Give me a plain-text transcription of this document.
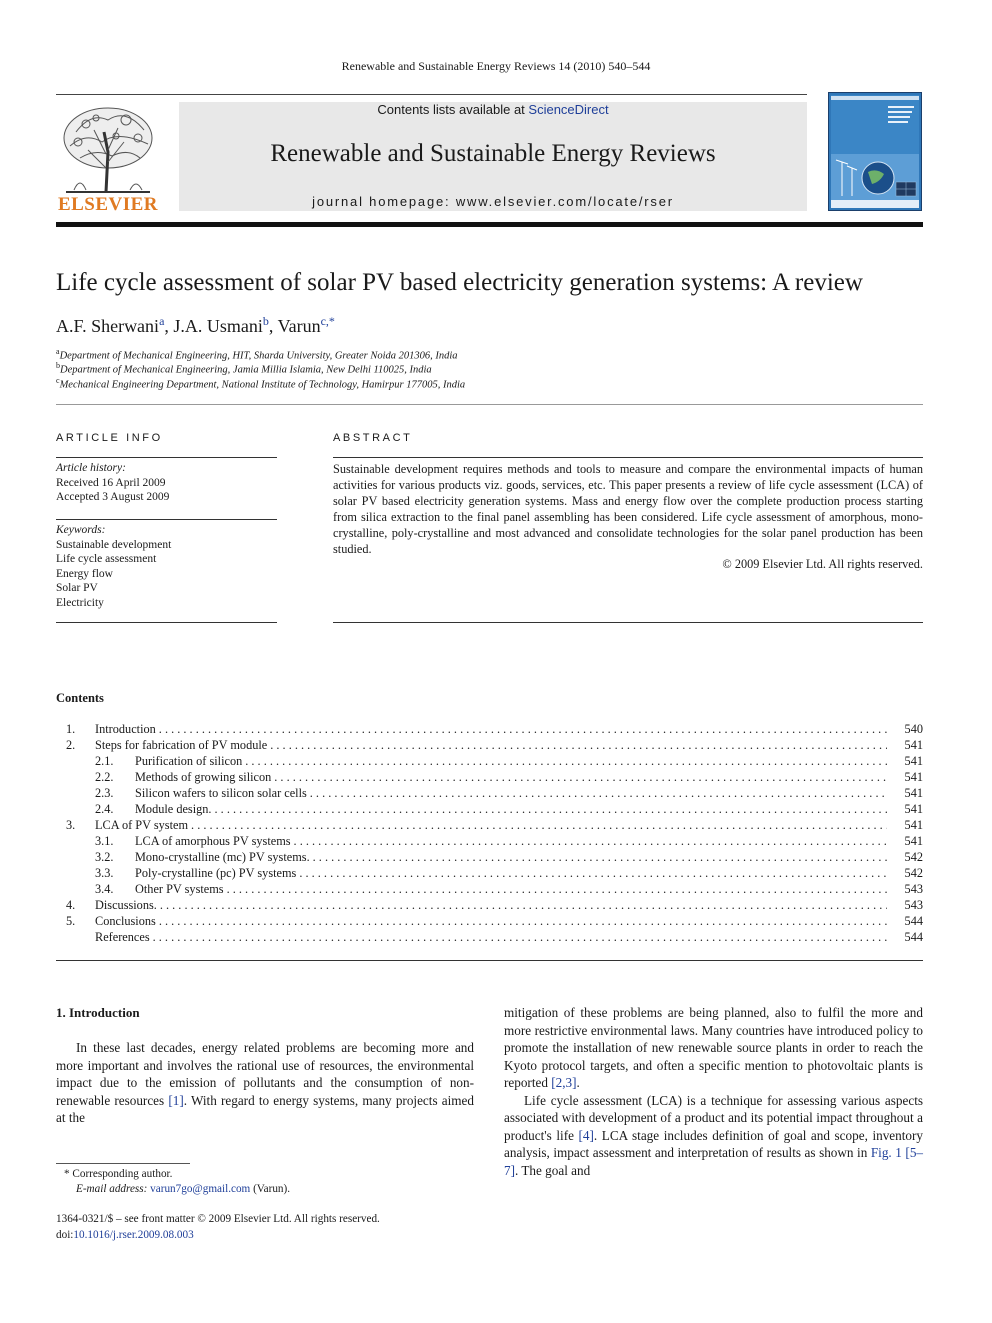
Renewable and Sustainable Energy Reviews 14 (2010) 540–544
ELSEVIER
Contents lists available at ScienceDirect
Renewable and Sustainable Energy Reviews
journal homepage: www.elsevier.com/locate/rser
Life cycle assessment of solar PV based electricity generation systems: A review
A.F. Sherwani$^a$, J.A. Usmani$^b$, Varun$^{c,*}$
$^a$Department of Mechanical Engineering, HIT, Sharda University, Greater Noida 201306, India
$^b$Department of Mechanical Engineering, Jamia Millia Islamia, New Delhi 110025, India
$^c$Mechanical Engineering Department, National Institute of Technology, Hamirpur 177005, India
ARTICLE INFO
Article history:
Received 16 April 2009
Accepted 3 August 2009
Keywords:
Sustainable development
Life cycle assessment
Energy flow
Solar PV
Electricity
ABSTRACT
Sustainable development requires methods and tools to measure and compare the environmental impacts of human activities for various products viz. goods, services, etc. This paper presents a review of life cycle assessment (LCA) of solar PV based electricity generation systems. Mass and energy flow over the complete production process starting from silica extraction to the final panel assembling has been considered. Life cycle assessment of amorphous, mono-crystalline, poly-crystalline and most advanced and consolidate technologies for the solar panel production has been studied.
© 2009 Elsevier Ltd. All rights reserved.
Contents
1. Introduction . . .	540
2. Steps for fabrication of PV module . . .	541
2.1. Purification of silicon . . .	541
2.2. Methods of growing silicon . . .	541
2.3. Silicon wafers to silicon solar cells . . .	541
2.4. Module design. . . .	541
3. LCA of PV system . . .	541
3.1. LCA of amorphous PV systems . . .	541
3.2. Mono-crystalline (mc) PV systems. . . .	542
3.3. Poly-crystalline (pc) PV systems . . .	542
3.4. Other PV systems . . .	543
4. Discussions. . . .	543
5. Conclusions . . .	544
References . . .	544
1. Introduction
In these last decades, energy related problems are becoming more and more important and involves the rational use of resources, the environmental impact due to the emission of pollutants and the consumption of non-renewable resources [1]. With regard to energy systems, many projects aimed at the
mitigation of these problems are being planned, also to fulfil the more and more restrictive environmental laws. Many countries have introduced policy to promote the installation of new renewable source plants in order to reach the Kyoto protocol targets, and often a specific mention to photovoltaic plants is reported [2,3].
Life cycle assessment (LCA) is a technique for assessing various aspects associated with development of a product and its potential impact throughout a product's life [4]. LCA stage includes definition of goal and scope, inventory analysis, impact assessment and interpretation of results as shown in Fig. 1 [5–7]. The goal and
* Corresponding author.
E-mail address: varun7go@gmail.com (Varun).
1364-0321/$ – see front matter © 2009 Elsevier Ltd. All rights reserved.
doi:10.1016/j.rser.2009.08.003
